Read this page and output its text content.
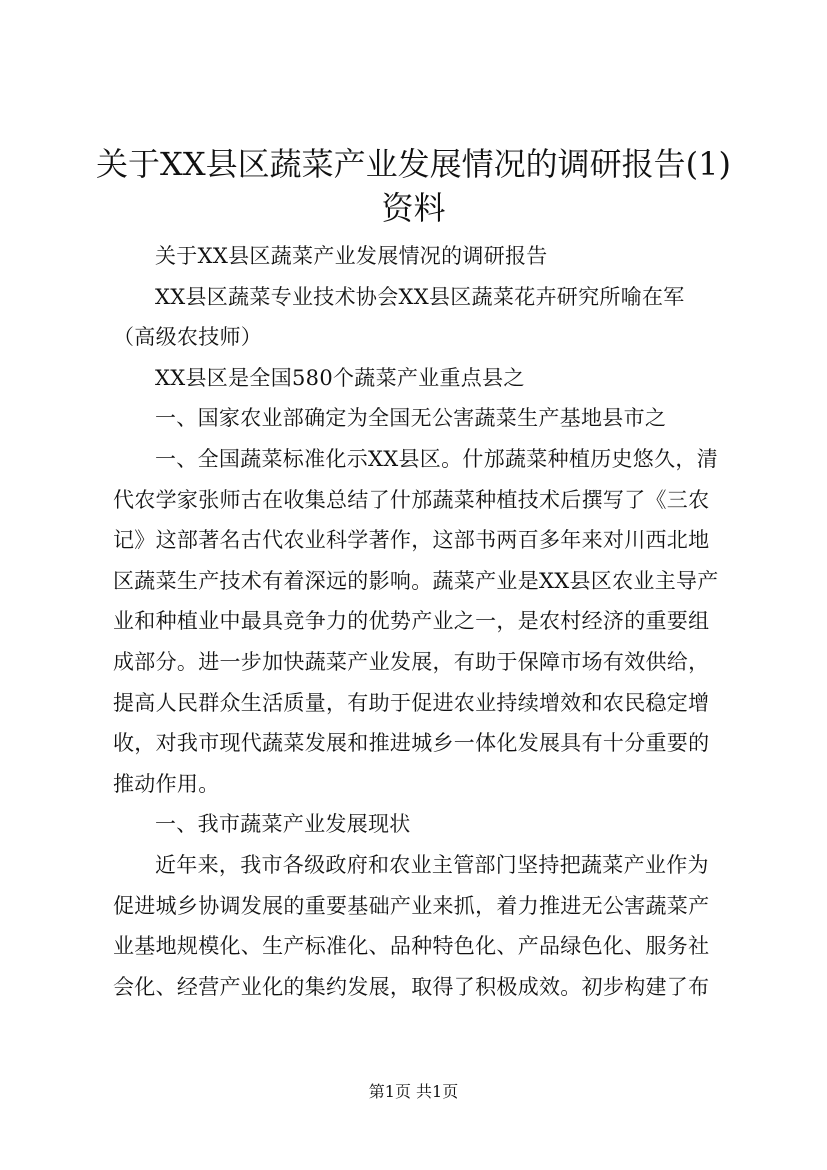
关于XX县区蔬菜产业发展情况的调研报告(1)
资料

关于XX县区蔬菜产业发展情况的调研报告

XX县区蔬菜专业技术协会XX县区蔬菜花卉研究所喻在军（高级农技师）

XX县区是全国580个蔬菜产业重点县之

一、国家农业部确定为全国无公害蔬菜生产基地县市之

一、全国蔬菜标准化示XX县区。什邡蔬菜种植历史悠久，清代农学家张师古在收集总结了什邡蔬菜种植技术后撰写了《三农记》这部著名古代农业科学著作，这部书两百多年来对川西北地区蔬菜生产技术有着深远的影响。蔬菜产业是XX县区农业主导产业和种植业中最具竞争力的优势产业之一，是农村经济的重要组成部分。进一步加快蔬菜产业发展，有助于保障市场有效供给，提高人民群众生活质量，有助于促进农业持续增效和农民稳定增收，对我市现代蔬菜发展和推进城乡一体化发展具有十分重要的推动作用。

一、我市蔬菜产业发展现状

近年来，我市各级政府和农业主管部门坚持把蔬菜产业作为促进城乡协调发展的重要基础产业来抓，着力推进无公害蔬菜产业基地规模化、生产标准化、品种特色化、产品绿色化、服务社会化、经营产业化的集约发展，取得了积极成效。初步构建了布

第1页 共1页
